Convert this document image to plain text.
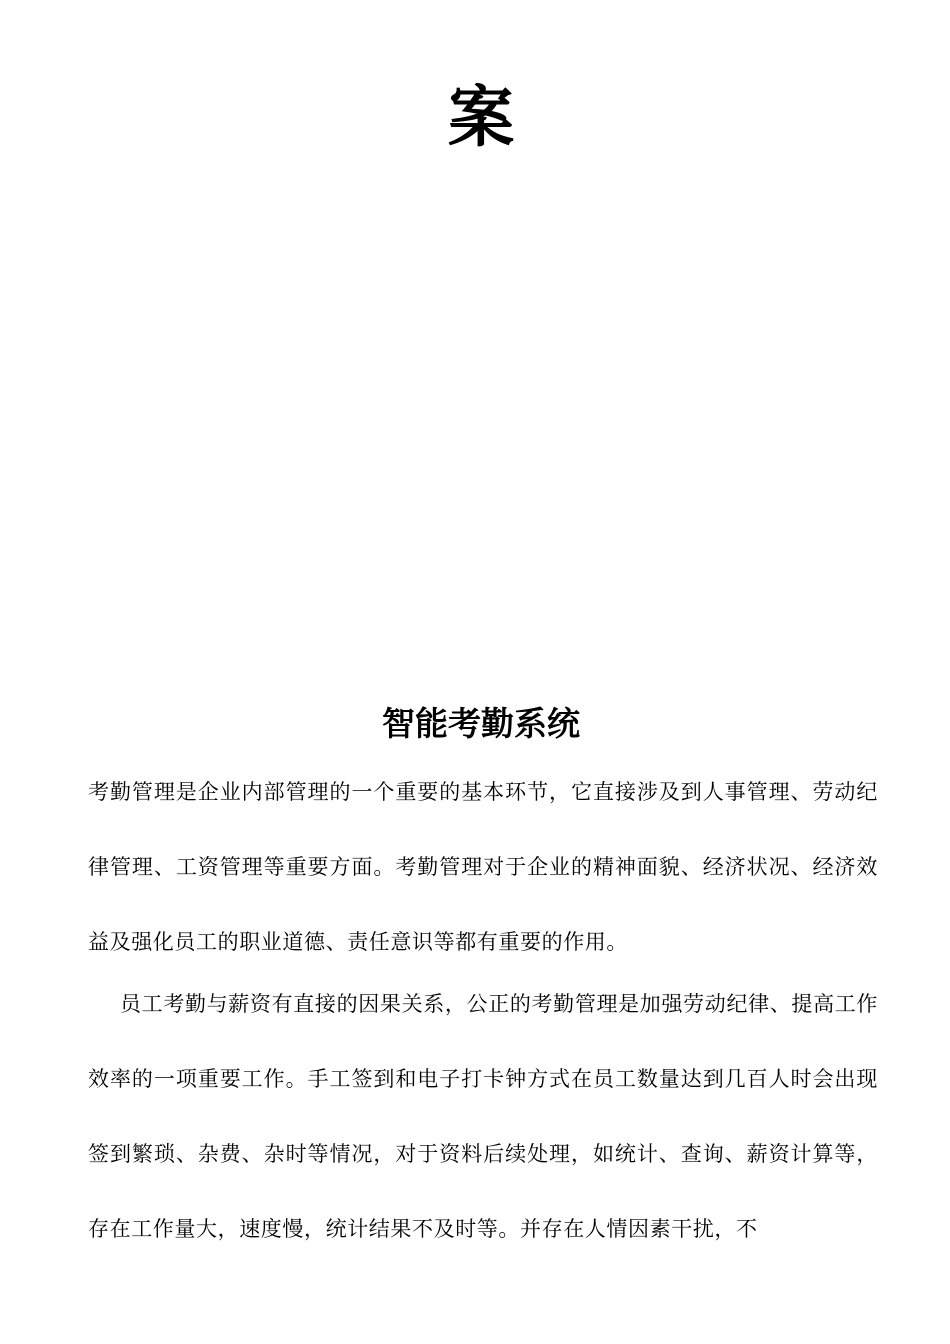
案
智能考勤系统

考勤管理是企业内部管理的一个重要的基本环节，它直接涉及到人事管理、劳动纪律管理、工资管理等重要方面。考勤管理对于企业的精神面貌、经济状况、经济效益及强化员工的职业道德、责任意识等都有重要的作用。

员工考勤与薪资有直接的因果关系，公正的考勤管理是加强劳动纪律、提高工作效率的一项重要工作。手工签到和电子打卡钟方式在员工数量达到几百人时会出现签到繁琐、杂费、杂时等情况，对于资料后续处理，如统计、查询、薪资计算等，存在工作量大，速度慢，统计结果不及时等。并存在人情因素干扰，不
